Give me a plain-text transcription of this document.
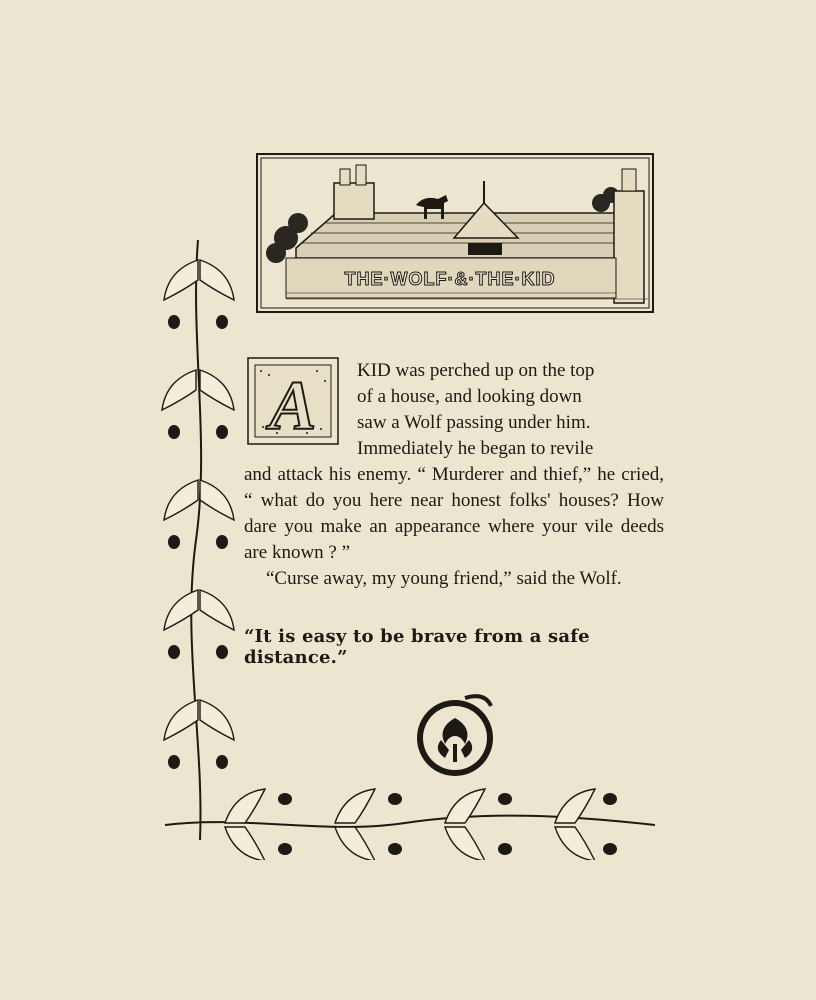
THE·WOLF·&·THE·KID
A	KID was perched up on the top

of a house, and looking down

saw a Wolf passing under him.

Immediately he began to revile

and attack his enemy. “ Murderer and thief,” he cried, “ what do you here near honest folks' houses? How dare you make an appearance where your vile deeds are known ? ”

“Curse away, my young friend,” said the Wolf.

“It is easy to be brave from a safe distance.”
